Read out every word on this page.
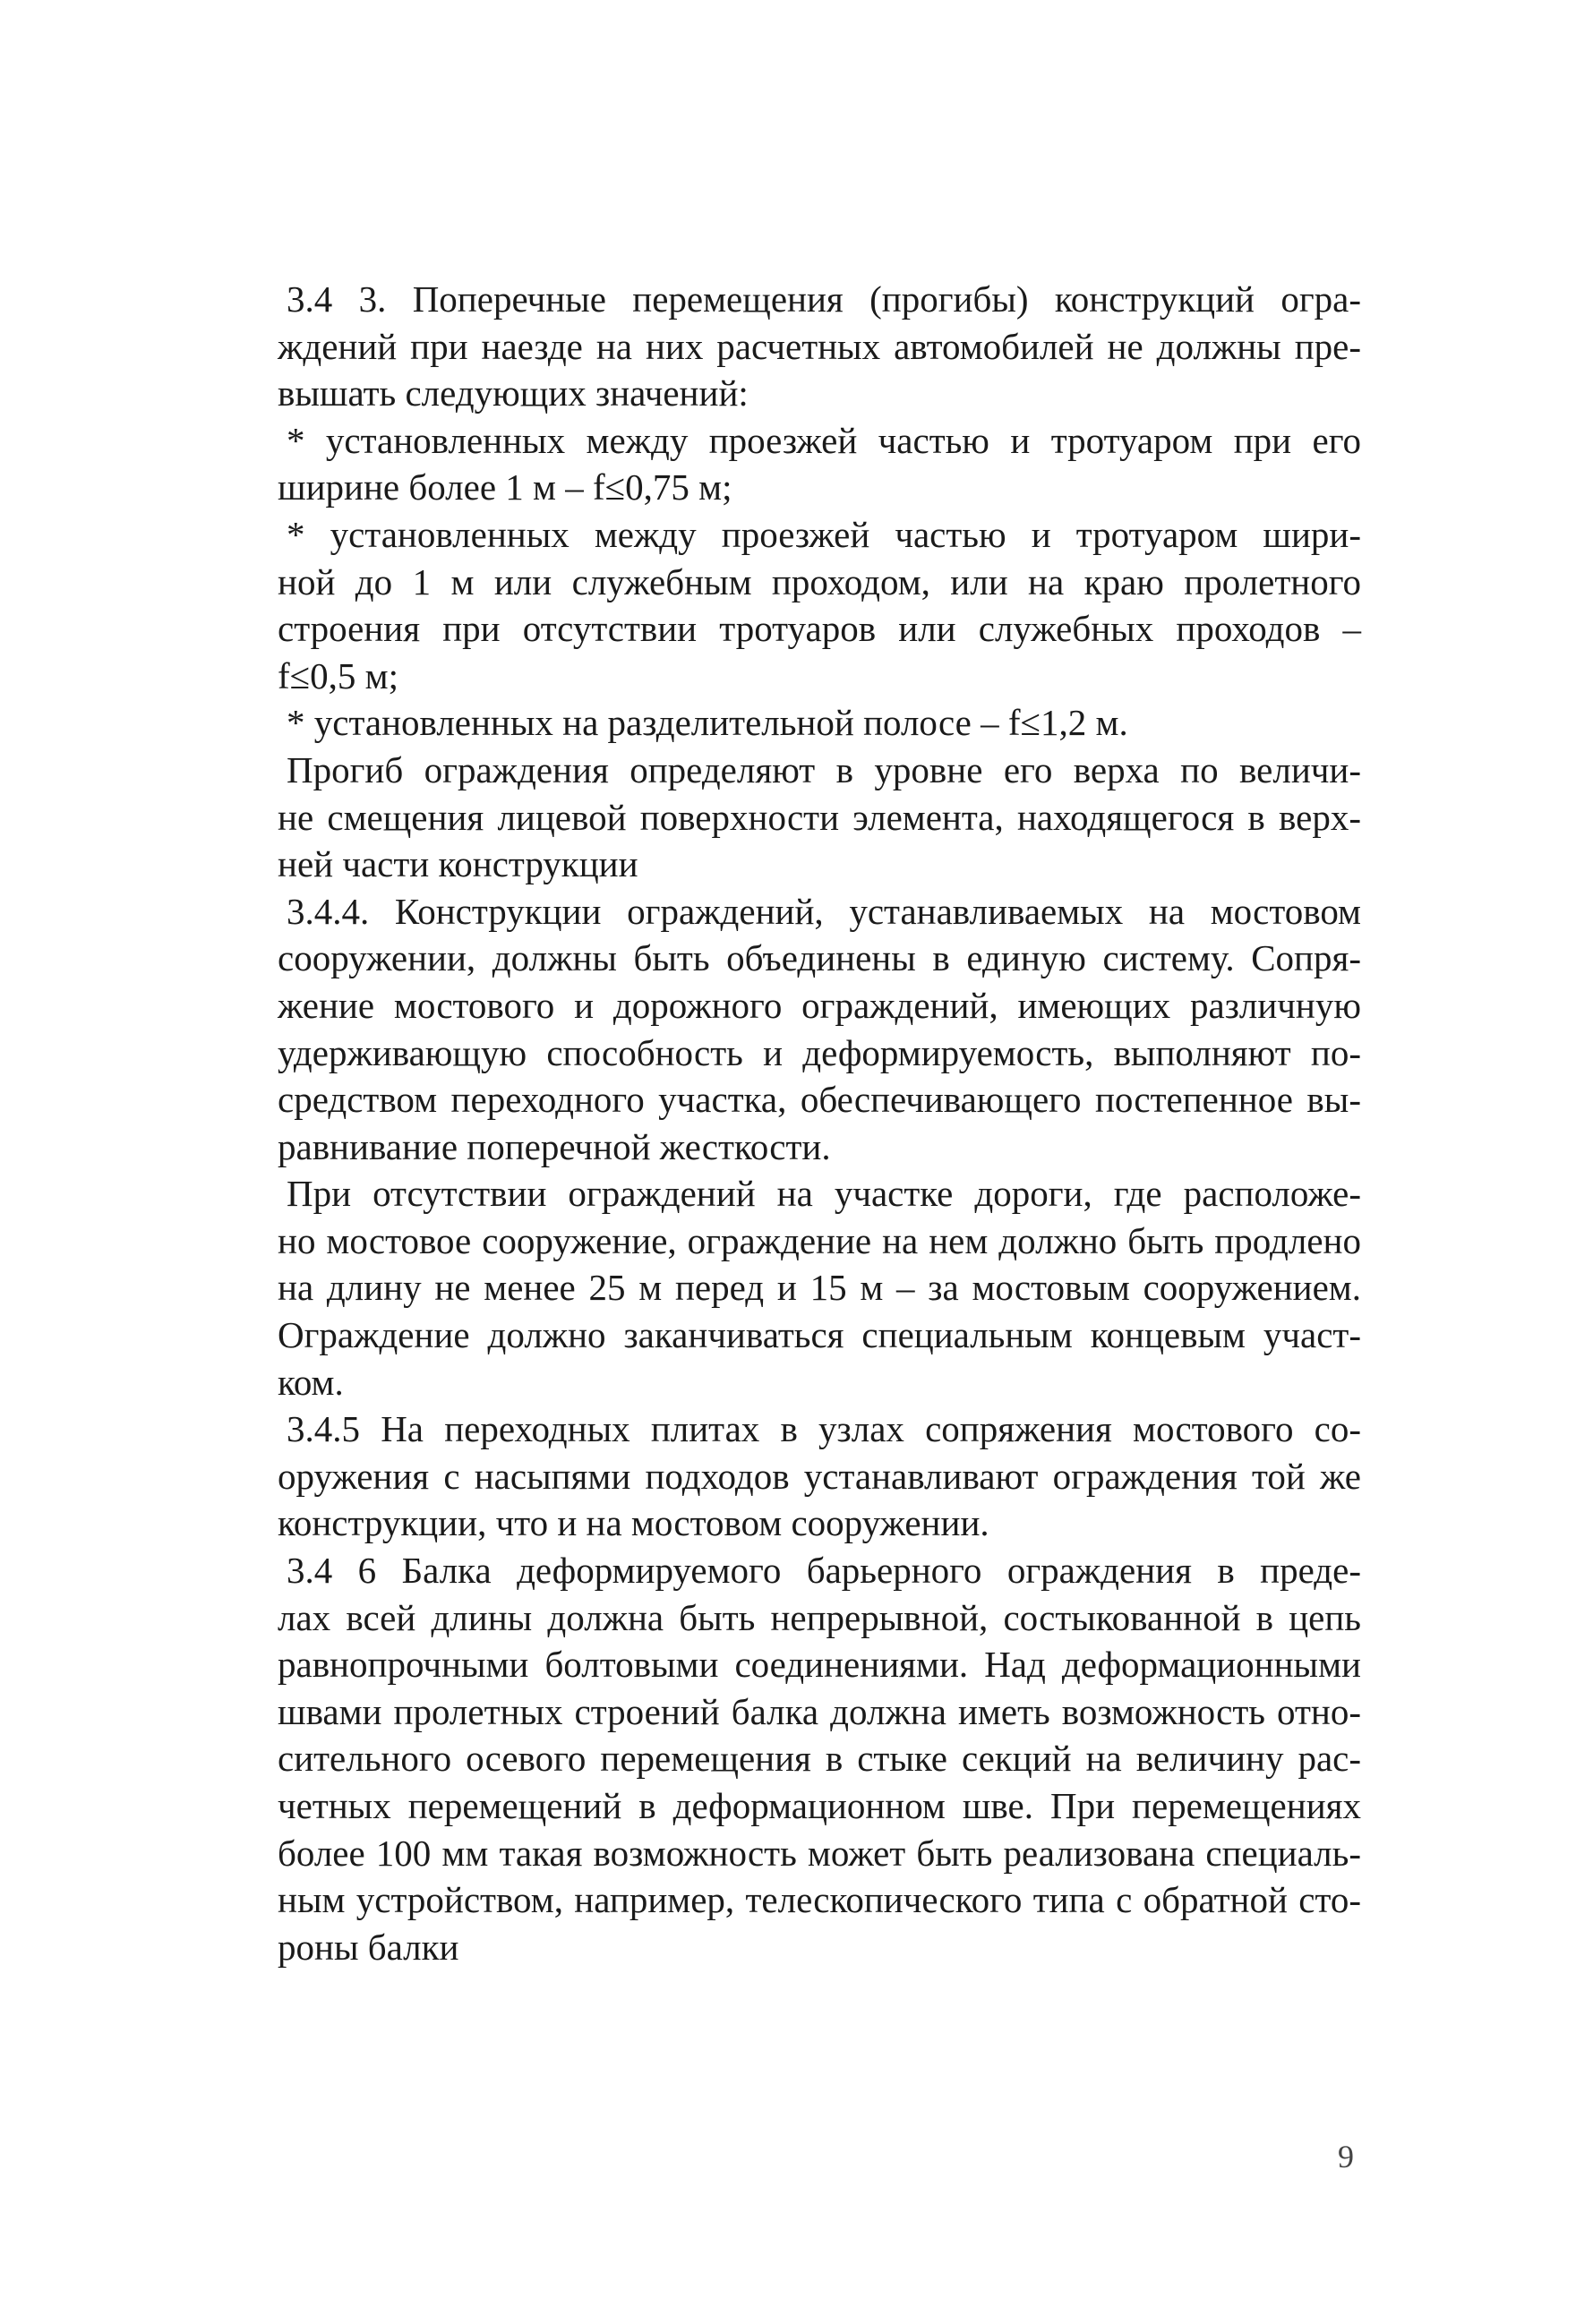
3.4 3. Поперечные перемещения (прогибы) конструкций огра-
ждений при наезде на них расчетных автомобилей не должны пре-
вышать следующих значений:

* установленных между проезжей частью и тротуаром при его
ширине более 1 м – f≤0,75 м;

* установленных между проезжей частью и тротуаром шири-
ной до 1 м или служебным проходом, или на краю пролетного
строения при отсутствии тротуаров или служебных проходов –
f≤0,5 м;

* установленных на разделительной полосе – f≤1,2 м.

Прогиб ограждения определяют в уровне его верха по величи-
не смещения лицевой поверхности элемента, находящегося в верх-
ней части конструкции

3.4.4. Конструкции ограждений, устанавливаемых на мостовом
сооружении, должны быть объединены в единую систему. Сопря-
жение мостового и дорожного ограждений, имеющих различную
удерживающую способность и деформируемость, выполняют по-
средством переходного участка, обеспечивающего постепенное вы-
равнивание поперечной жесткости.

При отсутствии ограждений на участке дороги, где расположе-
но мостовое сооружение, ограждение на нем должно быть продлено
на длину не менее 25 м перед и 15 м – за мостовым сооружением.
Ограждение должно заканчиваться специальным концевым участ-
ком.

3.4.5 На переходных плитах в узлах сопряжения мостового со-
оружения с насыпями подходов устанавливают ограждения той же
конструкции, что и на мостовом сооружении.

3.4 6 Балка деформируемого барьерного ограждения в преде-
лах всей длины должна быть непрерывной, состыкованной в цепь
равнопрочными болтовыми соединениями. Над деформационными
швами пролетных строений балка должна иметь возможность отно-
сительного осевого перемещения в стыке секций на величину рас-
четных перемещений в деформационном шве. При перемещениях
более 100 мм такая возможность может быть реализована специаль-
ным устройством, например, телескопического типа с обратной сто-
роны балки

9
